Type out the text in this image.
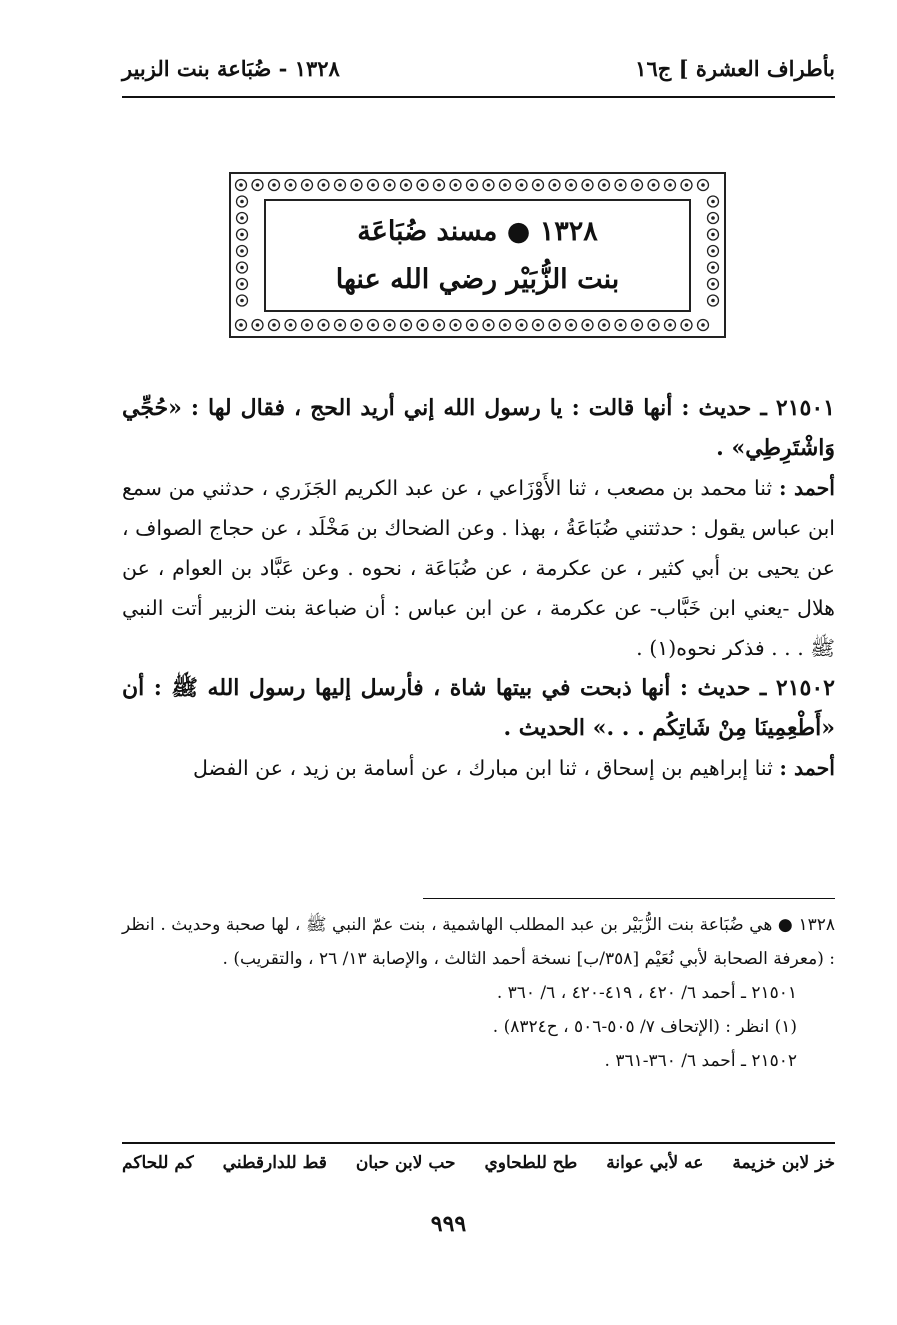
بأطراف العشرة ] ج١٦
١٣٢٨ - ضُبَاعة بنت الزبير
١٣٢٨ ● مسند ضُبَاعَة
بنت الزُّبَيْر رضي الله عنها

٢١٥٠١ ـ حديث : أنها قالت : يا رسول الله إني أريد الحج ، فقال لها : «حُجِّي وَاشْتَرِطِي» .

أحمد : ثنا محمد بن مصعب ، ثنا الأَوْزَاعي ، عن عبد الكريم الجَزَري ، حدثني من سمع ابن عباس يقول : حدثتني ضُبَاعَةُ ، بهذا . وعن الضحاك بن مَخْلَد ، عن حجاج الصواف ، عن يحيى بن أبي كثير ، عن عكرمة ، عن ضُبَاعَة ، نحوه . وعن عَبَّاد بن العوام ، عن هلال -يعني ابن خَبَّاب- عن عكرمة ، عن ابن عباس : أن ضباعة بنت الزبير أتت النبي ﷺ . . . فذكر نحوه(١) .

٢١٥٠٢ ـ حديث : أنها ذبحت في بيتها شاة ، فأرسل إليها رسول الله ﷺ : أن «أَطْعِمِينَا مِنْ شَاتِكُم . . .» الحديث .

أحمد : ثنا إبراهيم بن إسحاق ، ثنا ابن مبارك ، عن أسامة بن زيد ، عن الفضل

١٣٢٨ ● هي ضُبَاعة بنت الزُّبَيْر بن عبد المطلب الهاشمية ، بنت عمّ النبي ﷺ ، لها صحبة وحديث . انظر : (معرفة الصحابة لأبي نُعَيْم [٣٥٨/ب] نسخة أحمد الثالث ، والإصابة ١٣/ ٢٦ ، والتقريب) .

٢١٥٠١ ـ أحمد ٦/ ٤٢٠ ، ٤١٩-٤٢٠ ، ٦/ ٣٦٠ .

(١) انظر : (الإتحاف ٧/ ٥٠٥-٥٠٦ ، ح٨٣٢٤) .

٢١٥٠٢ ـ أحمد ٦/ ٣٦٠-٣٦١ .

خز لابن خزيمة
عه لأبي عوانة
طح للطحاوي
حب لابن حبان
قط للدارقطني
كم للحاكم
٩٩٩
